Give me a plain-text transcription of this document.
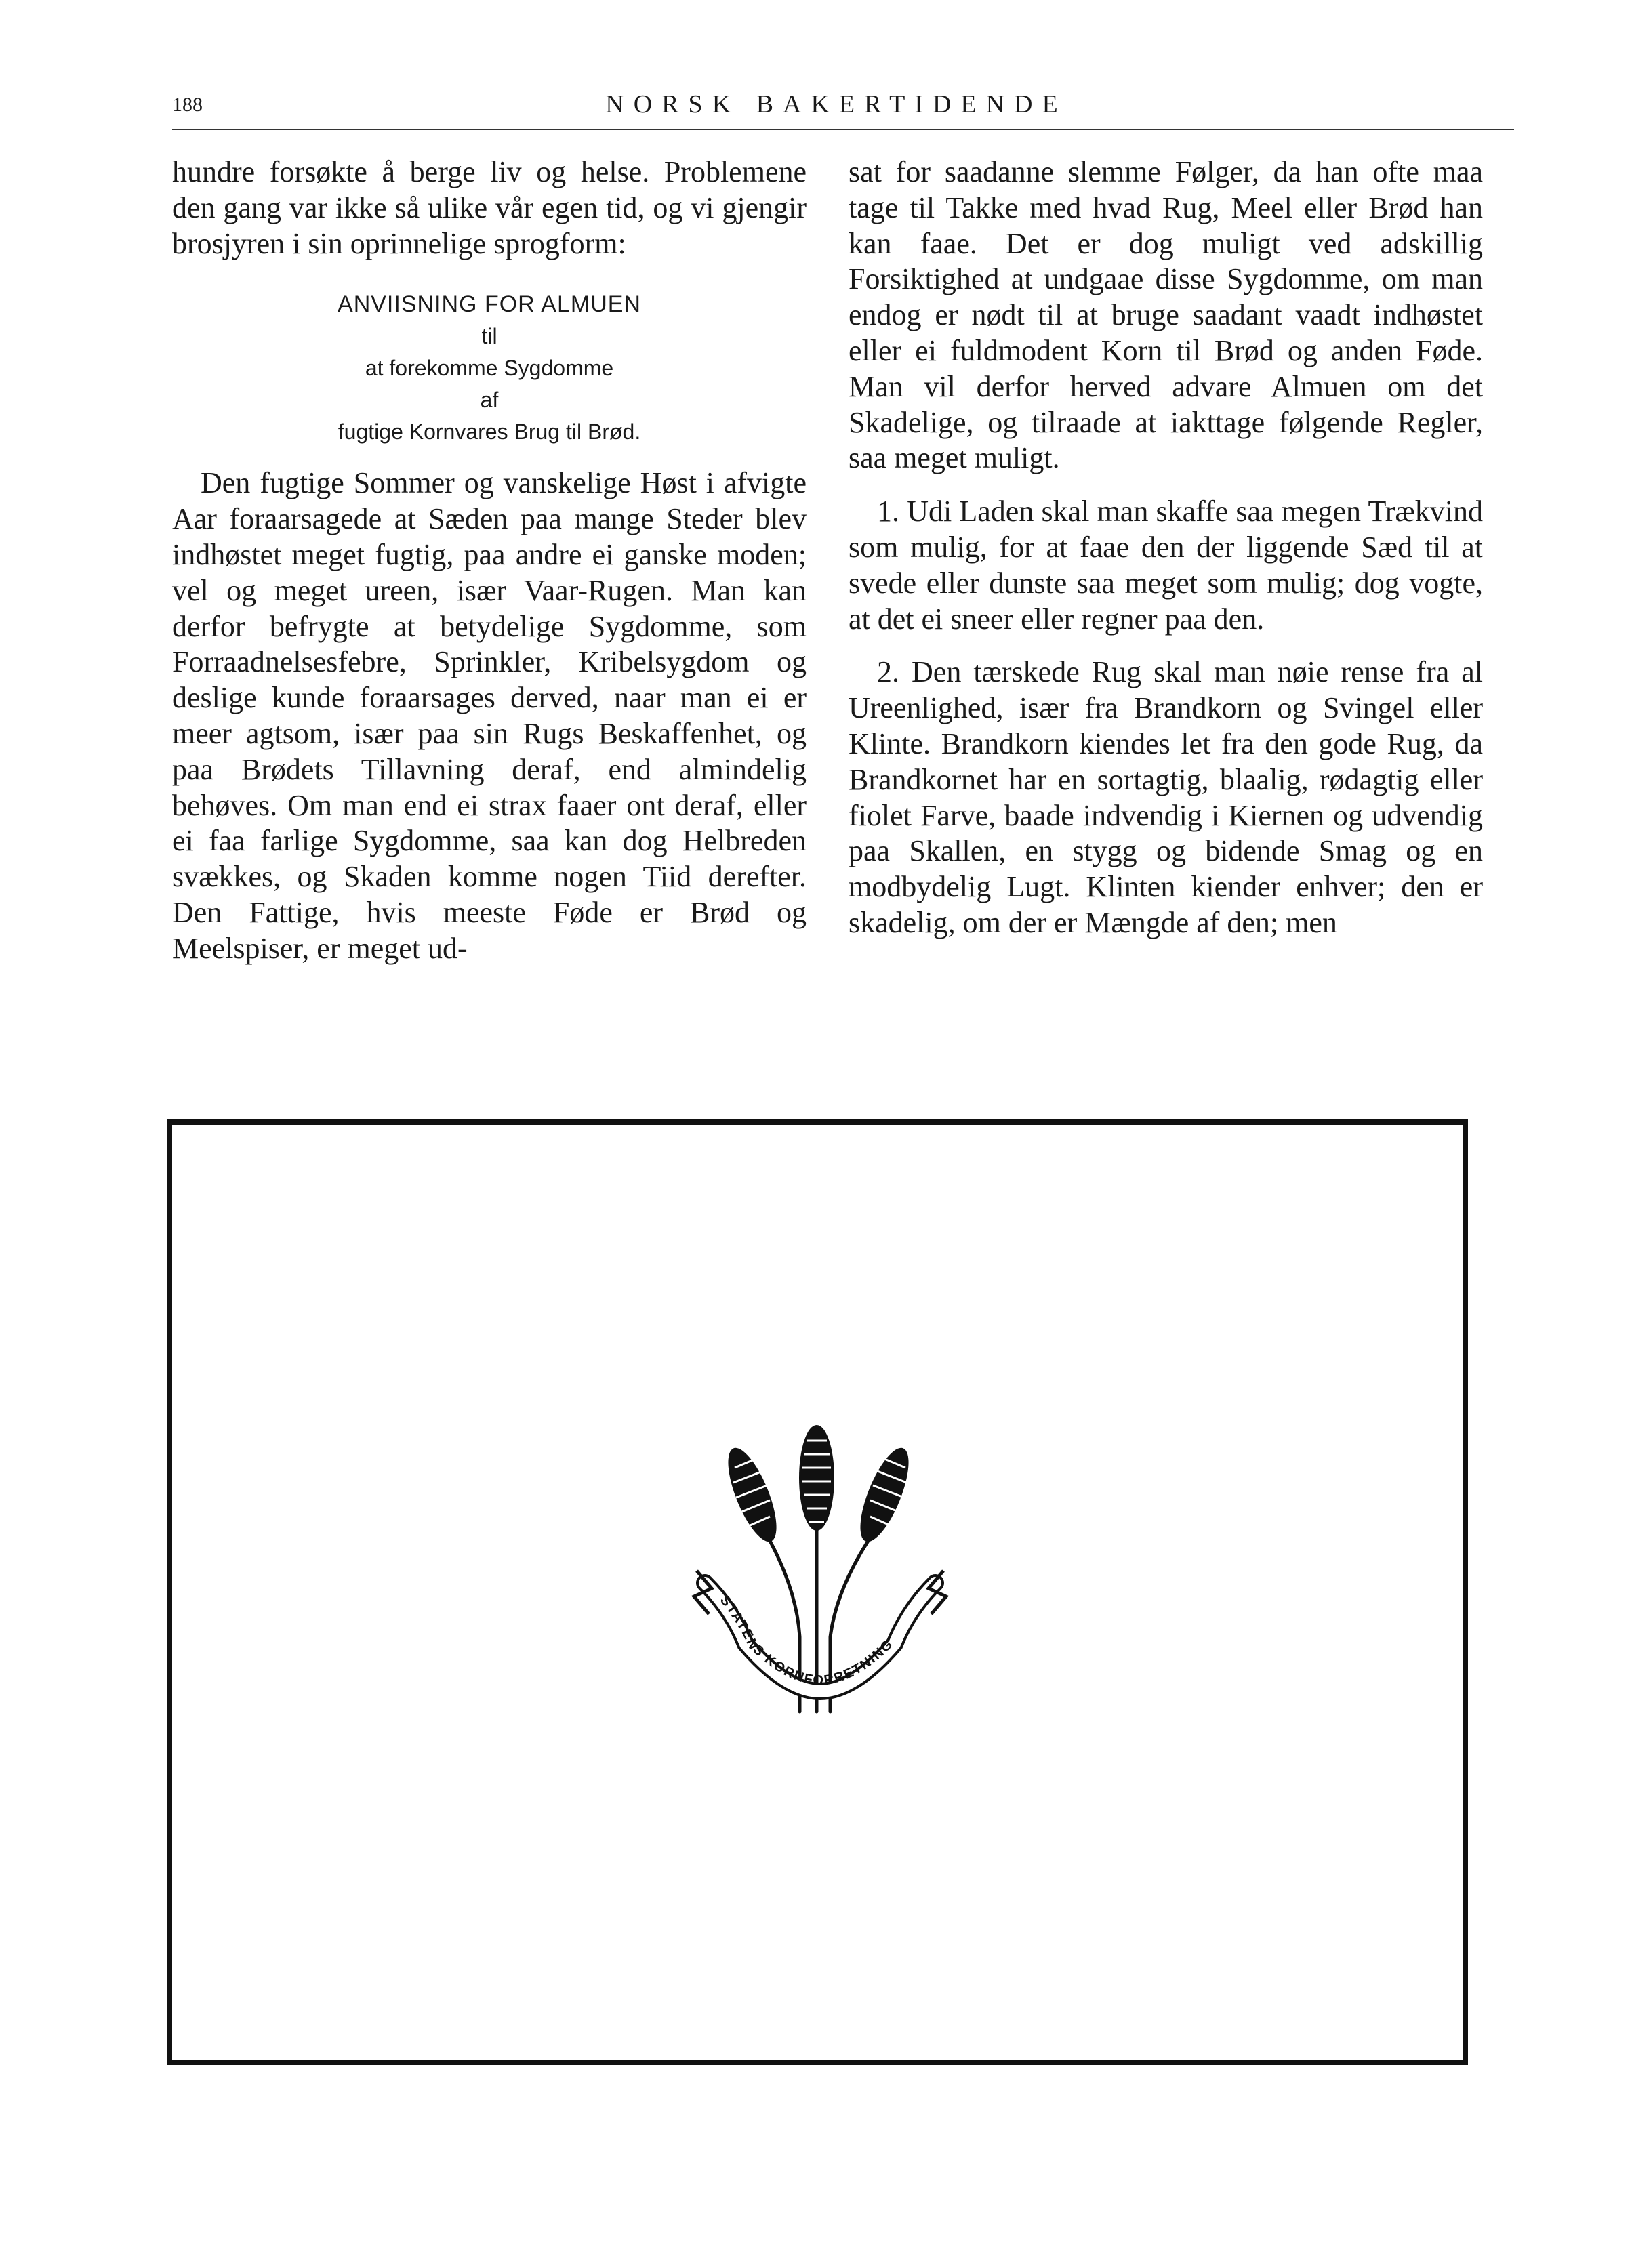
188	NORSK BAKERTIDENDE

hundre forsøkte å berge liv og helse. Problemene den gang var ikke så ulike vår egen tid, og vi gjengir brosjyren i sin oprinnelige sprogform:

ANVIISNING FOR ALMUEN
til
at forekomme Sygdomme
af
fugtige Kornvares Brug til Brød.

Den fugtige Sommer og vanskelige Høst i afvigte Aar foraarsagede at Sæden paa mange Steder blev indhøstet meget fugtig, paa andre ei ganske moden; vel og meget ureen, især Vaar-Rugen. Man kan derfor befrygte at betydelige Sygdomme, som Forraadnelsesfebre, Sprinkler, Kribelsygdom og deslige kunde foraarsages derved, naar man ei er meer agtsom, især paa sin Rugs Beskaffenhet, og paa Brødets Tillavning deraf, end almindelig behøves. Om man end ei strax faaer ont deraf, eller ei faa farlige Sygdomme, saa kan dog Helbreden svækkes, og Skaden komme nogen Tiid derefter. Den Fattige, hvis meeste Føde er Brød og Meelspiser, er meget ud-

sat for saadanne slemme Følger, da han ofte maa tage til Takke med hvad Rug, Meel eller Brød han kan faae. Det er dog muligt ved adskillig Forsiktighed at undgaae disse Sygdomme, om man endog er nødt til at bruge saadant vaadt indhøstet eller ei fuldmodent Korn til Brød og anden Føde. Man vil derfor herved advare Almuen om det Skadelige, og tilraade at iakttage følgende Regler, saa meget muligt.

1. Udi Laden skal man skaffe saa megen Trækvind som mulig, for at faae den der liggende Sæd til at svede eller dunste saa meget som mulig; dog vogte, at det ei sneer eller regner paa den.

2. Den tærskede Rug skal man nøie rense fra al Ureenlighed, især fra Brandkorn og Svingel eller Klinte. Brandkorn kiendes let fra den gode Rug, da Brandkornet har en sortagtig, blaalig, rødagtig eller fiolet Farve, baade indvendig i Kiernen og udvendig paa Skallen, en stygg og bidende Smag og en modbydelig Lugt. Klinten kiender enhver; den er skadelig, om der er Mængde af den; men

STATENS KORNFORRETNING
